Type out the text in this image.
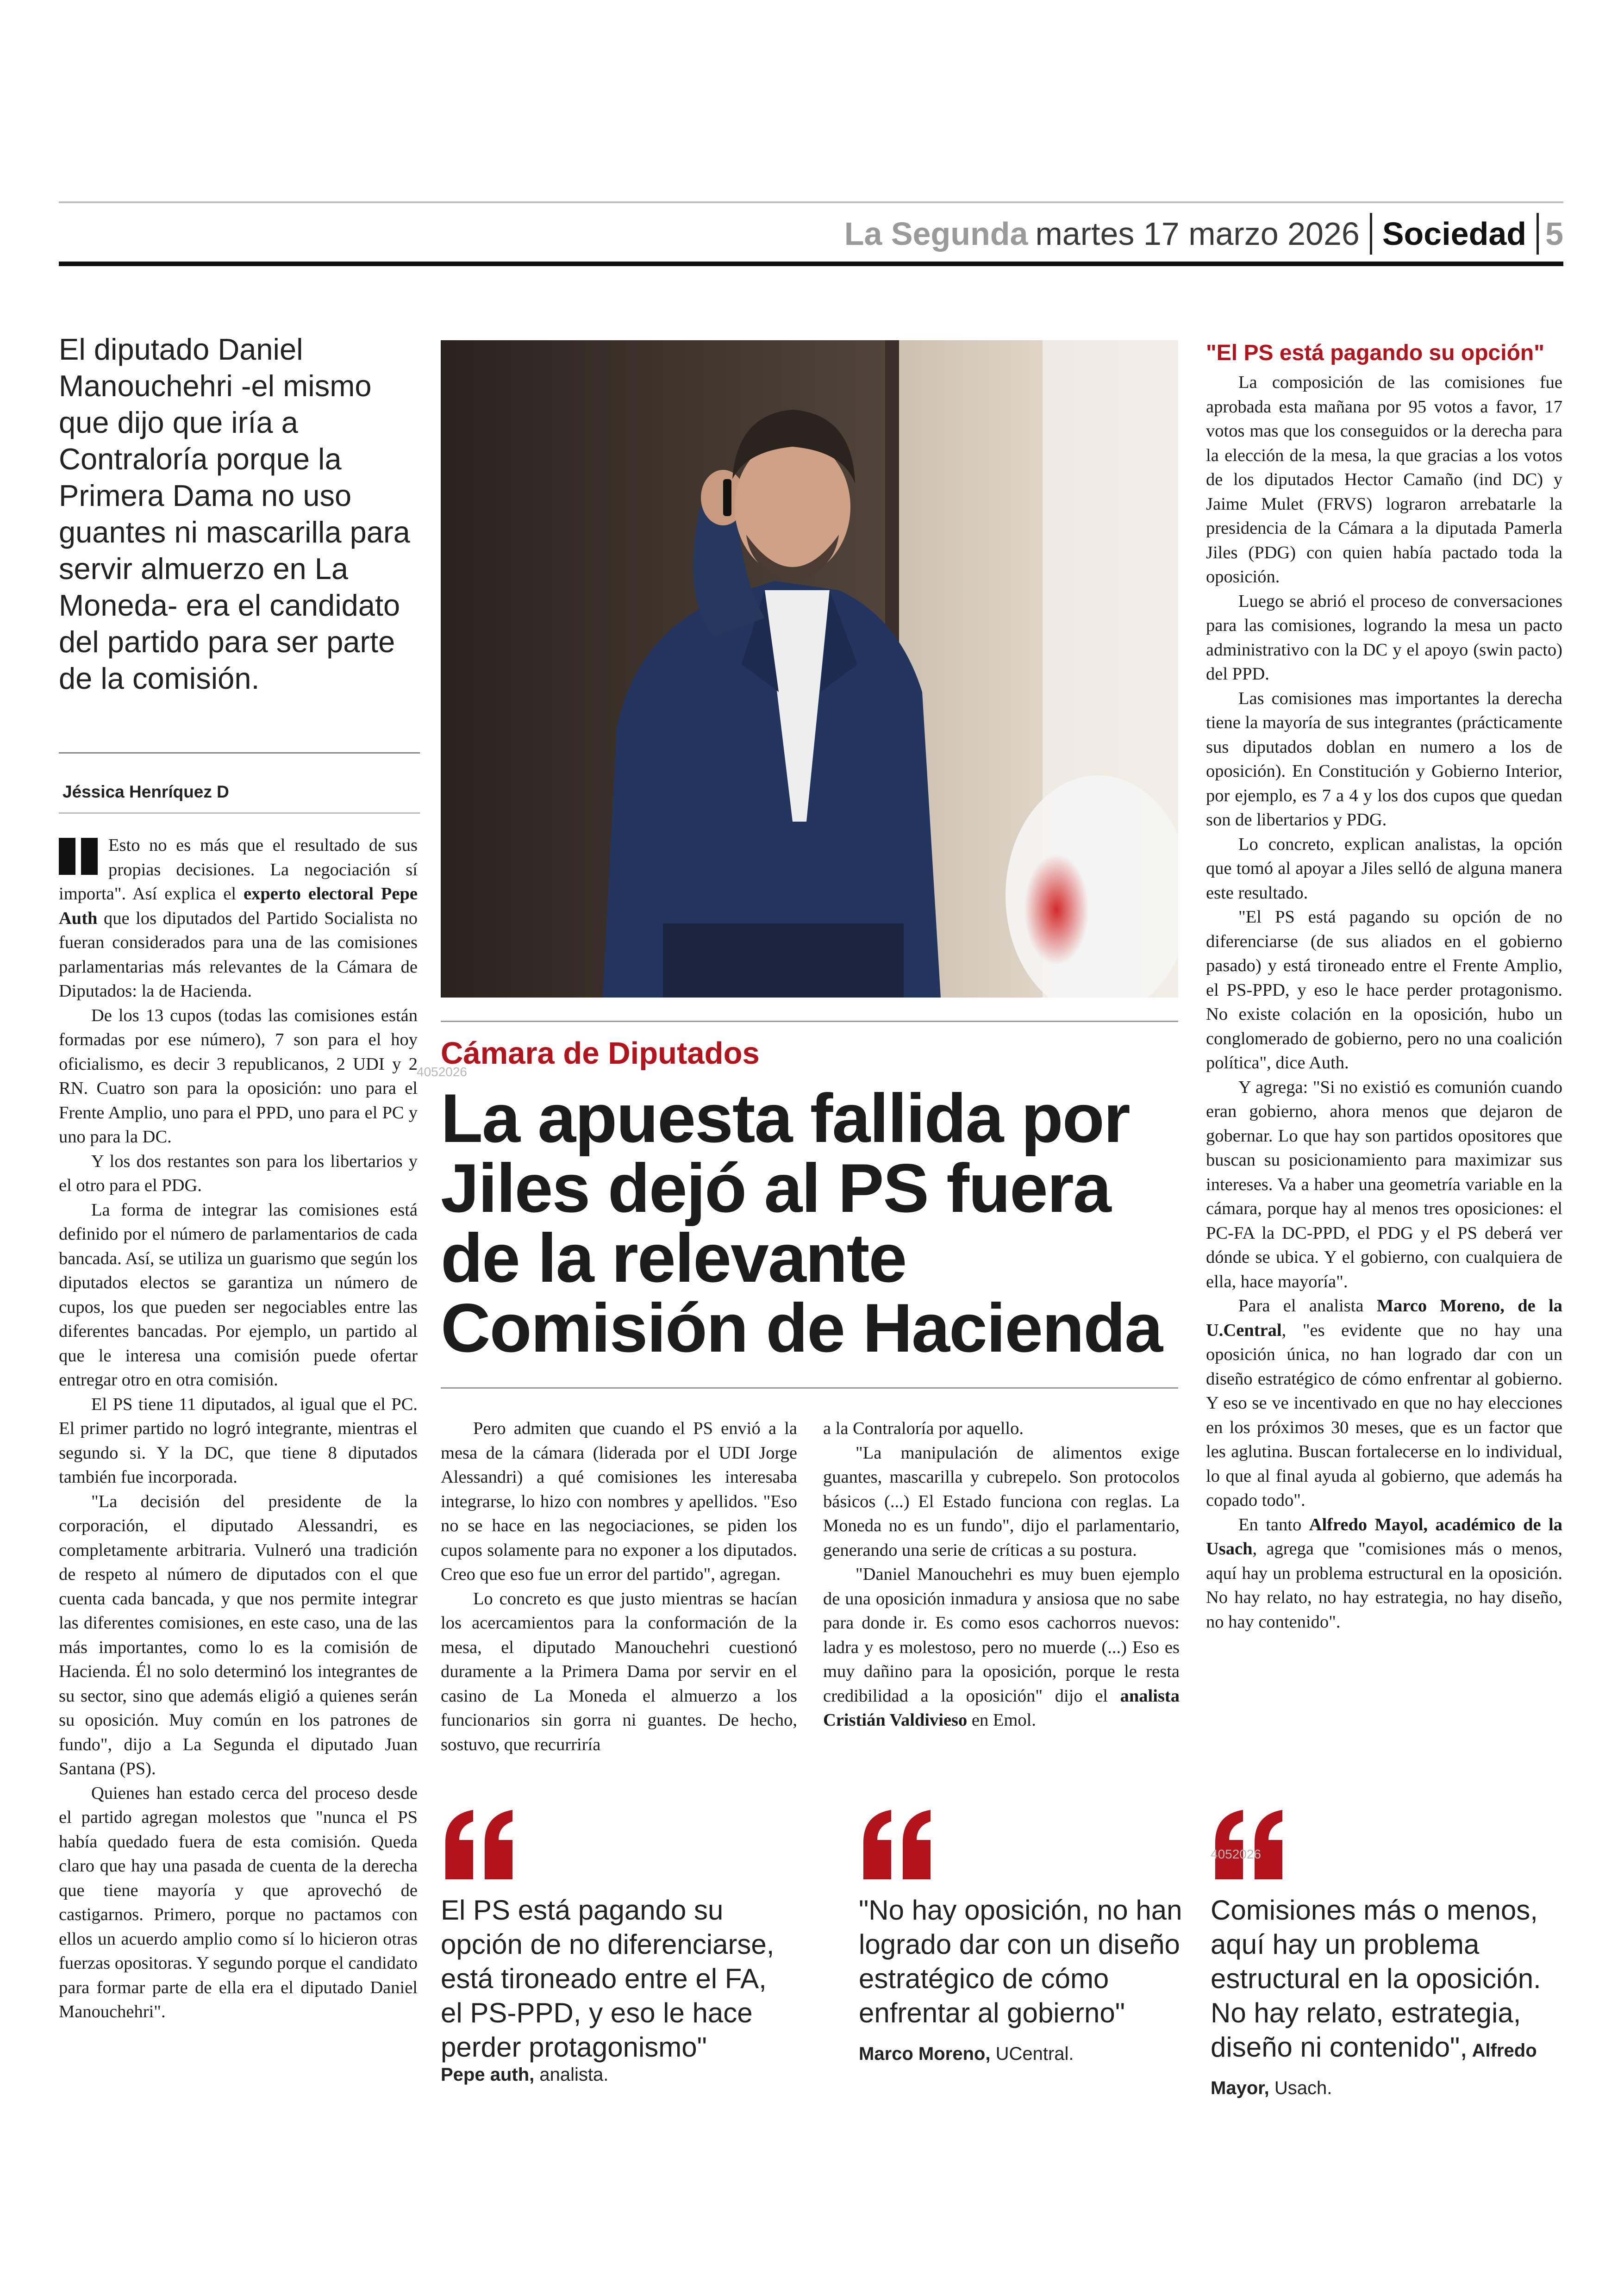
La Segunda martes 17 marzo 2026 Sociedad 5
El diputado Daniel Manouchehri -el mismo que dijo que iría a Contraloría porque la Primera Dama no uso guantes ni mascarilla para servir almuerzo en La Moneda- era el candidato del partido para ser parte de la comisión.
Jéssica Henríquez D

Esto no es más que el resultado de sus propias decisiones. La negociación sí importa". Así explica el experto electoral Pepe Auth que los diputados del Partido Socialista no fueran considerados para una de las comisiones parlamentarias más relevantes de la Cámara de Diputados: la de Hacienda.

De los 13 cupos (todas las comisiones están formadas por ese número), 7 son para el hoy oficialismo, es decir 3 republicanos, 2 UDI y 2 RN. Cuatro son para la oposición: uno para el Frente Amplio, uno para el PPD, uno para el PC y uno para la DC.

Y los dos restantes son para los libertarios y el otro para el PDG.

La forma de integrar las comisiones está definido por el número de parlamentarios de cada bancada. Así, se utiliza un guarismo que según los diputados electos se garantiza un número de cupos, los que pueden ser negociables entre las diferentes bancadas. Por ejemplo, un partido al que le interesa una comisión puede ofertar entregar otro en otra comisión.

El PS tiene 11 diputados, al igual que el PC. El primer partido no logró integrante, mientras el segundo si. Y la DC, que tiene 8 diputados también fue incorporada.

"La decisión del presidente de la corporación, el diputado Alessandri, es completamente arbitraria. Vulneró una tradición de respeto al número de diputados con el que cuenta cada bancada, y que nos permite integrar las diferentes comisiones, en este caso, una de las más importantes, como lo es la comisión de Hacienda. Él no solo determinó los integrantes de su sector, sino que además eligió a quienes serán su oposición. Muy común en los patrones de fundo", dijo a La Segunda el diputado Juan Santana (PS).

Quienes han estado cerca del proceso desde el partido agregan molestos que "nunca el PS había quedado fuera de esta comisión. Queda claro que hay una pasada de cuenta de la derecha que tiene mayoría y que aprovechó de castigarnos. Primero, porque no pactamos con ellos un acuerdo amplio como sí lo hicieron otras fuerzas opositoras. Y segundo porque el candidato para formar parte de ella era el diputado Daniel Manouchehri".

4052026
Cámara de Diputados
La apuesta fallida por Jiles dejó al PS fuera de la relevante Comisión de Hacienda

Pero admiten que cuando el PS envió a la mesa de la cámara (liderada por el UDI Jorge Alessandri) a qué comisiones les interesaba integrarse, lo hizo con nombres y apellidos. "Eso no se hace en las negociaciones, se piden los cupos solamente para no exponer a los diputados. Creo que eso fue un error del partido", agregan.

Lo concreto es que justo mientras se hacían los acercamientos para la conformación de la mesa, el diputado Manouchehri cuestionó duramente a la Primera Dama por servir en el casino de La Moneda el almuerzo a los funcionarios sin gorra ni guantes. De hecho, sostuvo, que recurriría

a la Contraloría por aquello.

"La manipulación de alimentos exige guantes, mascarilla y cubrepelo. Son protocolos básicos (...) El Estado funciona con reglas. La Moneda no es un fundo", dijo el parlamentario, generando una serie de críticas a su postura.

"Daniel Manouchehri es muy buen ejemplo de una oposición inmadura y ansiosa que no sabe para donde ir. Es como esos cachorros nuevos: ladra y es molestoso, pero no muerde (...) Eso es muy dañino para la oposición, porque le resta credibilidad a la oposición" dijo el analista Cristián Valdivieso en Emol.

"El PS está pagando su opción"

La composición de las comisiones fue aprobada esta mañana por 95 votos a favor, 17 votos mas que los conseguidos or la derecha para la elección de la mesa, la que gracias a los votos de los diputados Hector Camaño (ind DC) y Jaime Mulet (FRVS) lograron arrebatarle la presidencia de la Cámara a la diputada Pamerla Jiles (PDG) con quien había pactado toda la oposición.

Luego se abrió el proceso de conversaciones para las comisiones, logrando la mesa un pacto administrativo con la DC y el apoyo (swin pacto) del PPD.

Las comisiones mas importantes la derecha tiene la mayoría de sus integrantes (prácticamente sus diputados doblan en numero a los de oposición). En Constitución y Gobierno Interior, por ejemplo, es 7 a 4 y los dos cupos que quedan son de libertarios y PDG.

Lo concreto, explican analistas, la opción que tomó al apoyar a Jiles selló de alguna manera este resultado.

"El PS está pagando su opción de no diferenciarse (de sus aliados en el gobierno pasado) y está tironeado entre el Frente Amplio, el PS-PPD, y eso le hace perder protagonismo. No existe colación en la oposición, hubo un conglomerado de gobierno, pero no una coalición política", dice Auth.

Y agrega: "Si no existió es comunión cuando eran gobierno, ahora menos que dejaron de gobernar. Lo que hay son partidos opositores que buscan su posicionamiento para maximizar sus intereses. Va a haber una geometría variable en la cámara, porque hay al menos tres oposiciones: el PC-FA la DC-PPD, el PDG y el PS deberá ver dónde se ubica. Y el gobierno, con cualquiera de ella, hace mayoría".

Para el analista Marco Moreno, de la U.Central, "es evidente que no hay una oposición única, no han logrado dar con un diseño estratégico de cómo enfrentar al gobierno. Y eso se ve incentivado en que no hay elecciones en los próximos 30 meses, que es un factor que les aglutina. Buscan fortalecerse en lo individual, lo que al final ayuda al gobierno, que además ha copado todo".

En tanto Alfredo Mayol, académico de la Usach, agrega que "comisiones más o menos, aquí hay un problema estructural en la oposición. No hay relato, no hay estrategia, no hay diseño, no hay contenido".

El PS está pagando su opción de no diferenciarse, está tironeado entre el FA, el PS-PPD, y eso le hace perder protagonismo"
Pepe auth, analista.
"No hay oposición, no han logrado dar con un diseño estratégico de cómo enfrentar al gobierno" Marco Moreno, UCentral.
Comisiones más o menos, aquí hay un problema estructural en la oposición. No hay relato, estrategia, diseño ni contenido", Alfredo Mayor, Usach.
4052026
